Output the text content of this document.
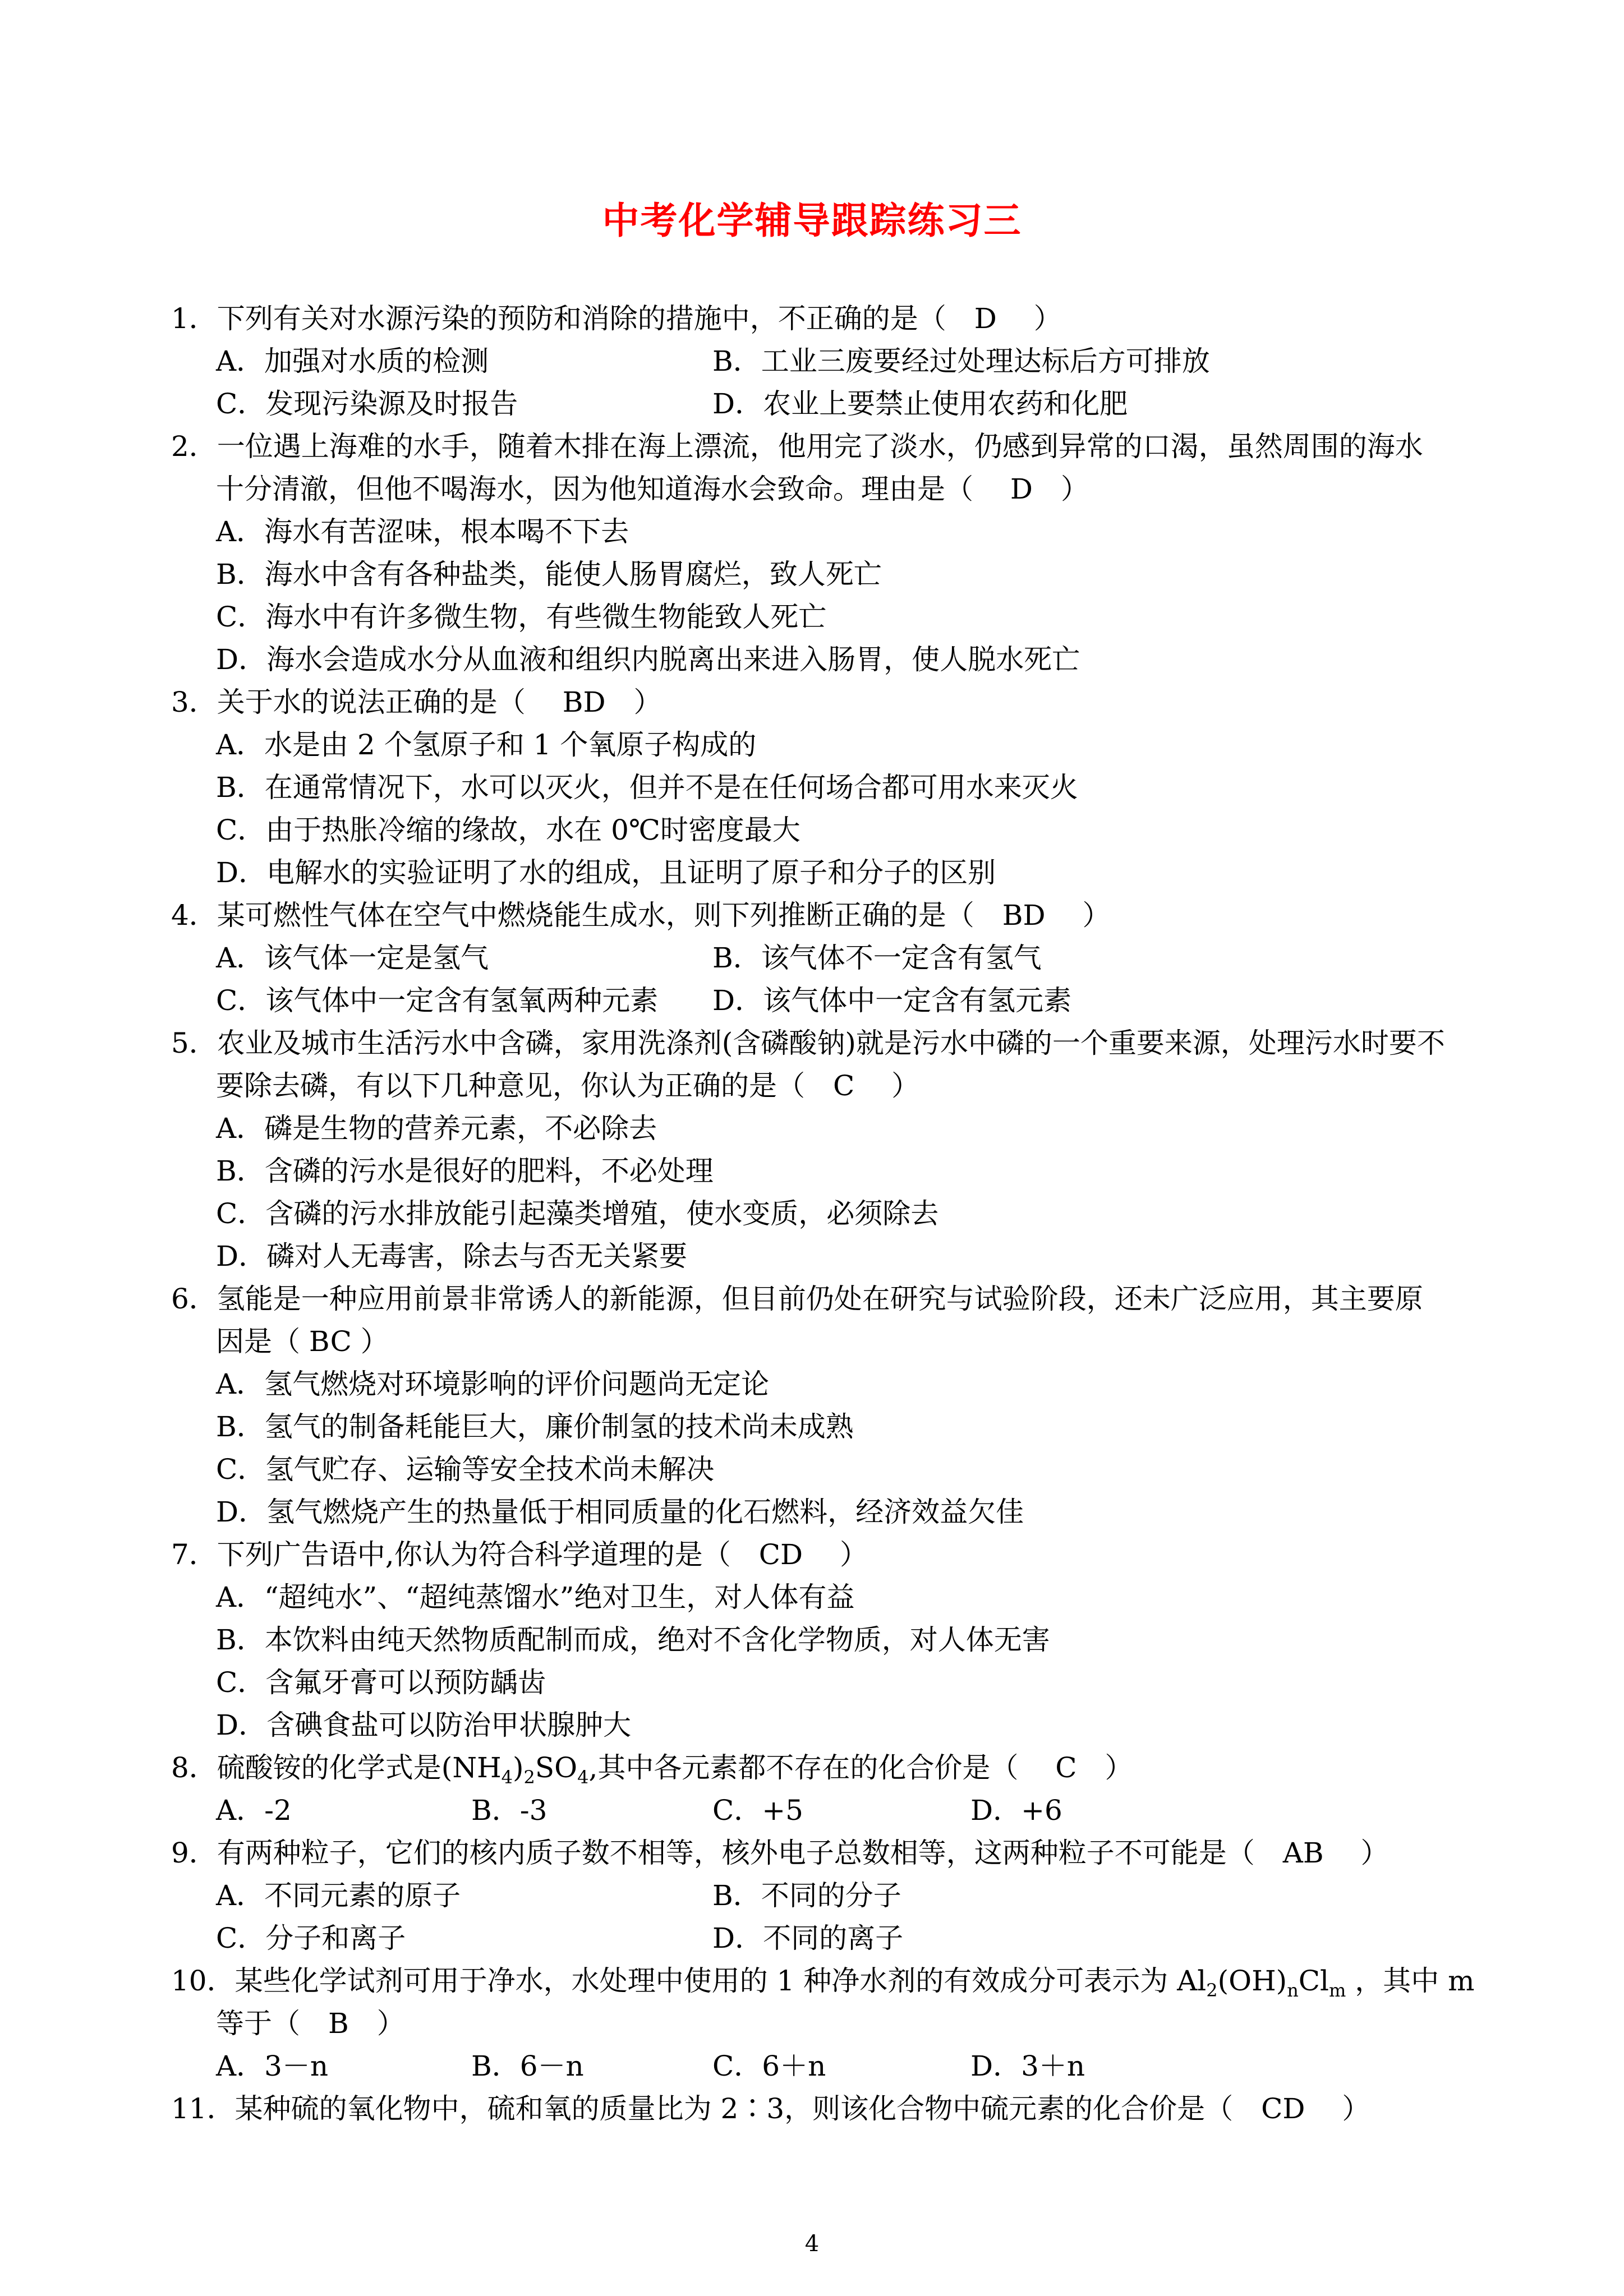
中考化学辅导跟踪练习三
1．下列有关对水源污染的预防和消除的措施中，不正确的是（　D　 ）
A．加强对水质的检测	B．工业三废要经过处理达标后方可排放
C．发现污染源及时报告	D．农业上要禁止使用农药和化肥
2．一位遇上海难的水手，随着木排在海上漂流，他用完了淡水，仍感到异常的口渴，虽然周围的海水
十分清澈，但他不喝海水，因为他知道海水会致命。理由是（　 D　）
A．海水有苦涩味，根本喝不下去
B．海水中含有各种盐类，能使人肠胃腐烂，致人死亡
C．海水中有许多微生物，有些微生物能致人死亡
D．海水会造成水分从血液和组织内脱离出来进入肠胃，使人脱水死亡
3．关于水的说法正确的是（　 BD　）
A．水是由 2 个氢原子和 1 个氧原子构成的
B．在通常情况下，水可以灭火，但并不是在任何场合都可用水来灭火
C．由于热胀冷缩的缘故，水在 0℃时密度最大
D．电解水的实验证明了水的组成，且证明了原子和分子的区别
4．某可燃性气体在空气中燃烧能生成水，则下列推断正确的是（　BD　 ）
A．该气体一定是氢气	B．该气体不一定含有氢气
C．该气体中一定含有氢氧两种元素 D．该气体中一定含有氢元素
5．农业及城市生活污水中含磷，家用洗涤剂(含磷酸钠)就是污水中磷的一个重要来源，处理污水时要不
要除去磷，有以下几种意见，你认为正确的是（　C　 ）
A．磷是生物的营养元素，不必除去
B．含磷的污水是很好的肥料，不必处理
C．含磷的污水排放能引起藻类增殖，使水变质，必须除去
D．磷对人无毒害，除去与否无关紧要
6．氢能是一种应用前景非常诱人的新能源，但目前仍处在研究与试验阶段，还未广泛应用，其主要原
因是（ BC ）
A．氢气燃烧对环境影响的评价问题尚无定论
B．氢气的制备耗能巨大，廉价制氢的技术尚未成熟
C．氢气贮存、运输等安全技术尚未解决
D．氢气燃烧产生的热量低于相同质量的化石燃料，经济效益欠佳
7．下列广告语中,你认为符合科学道理的是（　CD　 ）
A．“超纯水”、“超纯蒸馏水”绝对卫生，对人体有益
B．本饮料由纯天然物质配制而成，绝对不含化学物质，对人体无害
C．含氟牙膏可以预防龋齿
D．含碘食盐可以防治甲状腺肿大
8．硫酸铵的化学式是$(NH_4)_2SO_4$,其中各元素都不存在的化合价是（　 C　）
A．-2	B．-3	C．+5	D．+6
9．有两种粒子，它们的核内质子数不相等，核外电子总数相等，这两种粒子不可能是（　AB　 ）
A．不同元素的原子	B．不同的分子
C．分子和离子	D．不同的离子
10．某些化学试剂可用于净水，水处理中使用的 1 种净水剂的有效成分可表示为 $Al_2(OH)_nCl_m$ ，其中 m
等于（　B　）
A．3－n	B．6－n	C．6＋n	D．3＋n
11．某种硫的氧化物中，硫和氧的质量比为 2∶3，则该化合物中硫元素的化合价是（　CD　 ）
4
